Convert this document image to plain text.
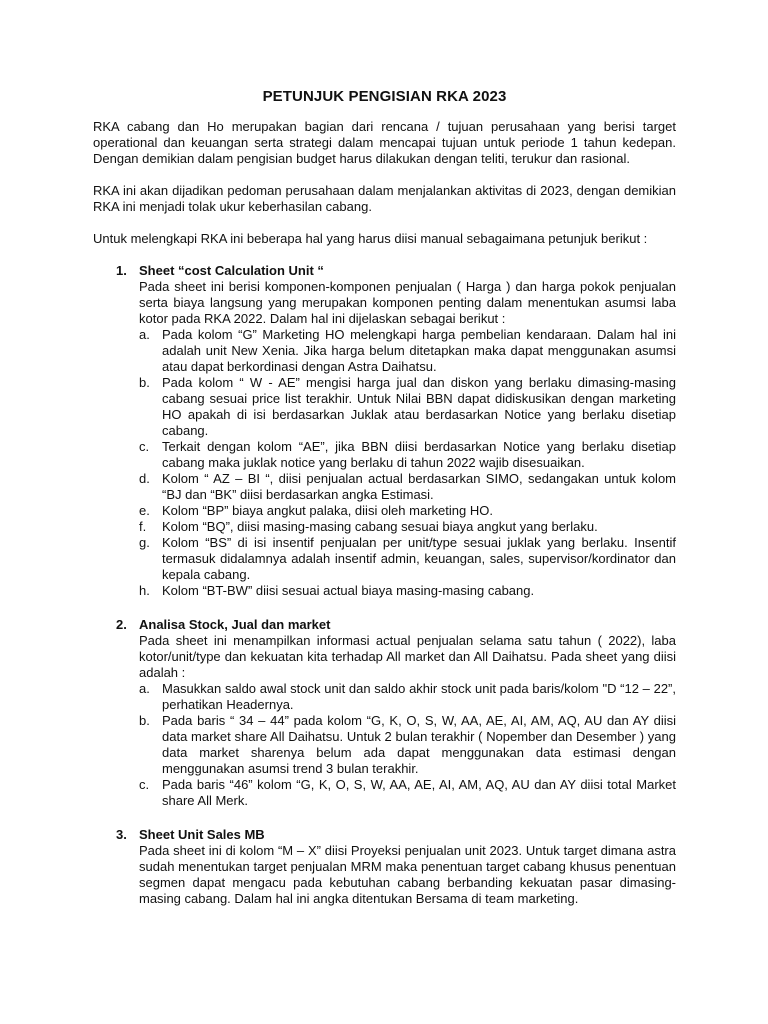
PETUNJUK PENGISIAN RKA 2023

RKA cabang dan Ho merupakan bagian dari rencana / tujuan perusahaan yang berisi target operational dan keuangan serta strategi dalam mencapai tujuan untuk periode 1 tahun kedepan. Dengan demikian dalam pengisian budget harus dilakukan dengan teliti, terukur dan rasional.

RKA ini akan dijadikan pedoman perusahaan dalam menjalankan aktivitas di 2023, dengan demikian RKA ini menjadi tolak ukur keberhasilan cabang.

Untuk melengkapi RKA ini beberapa hal yang harus diisi manual sebagaimana petunjuk berikut :

1. Sheet “cost Calculation Unit “

Pada sheet ini berisi komponen-komponen penjualan ( Harga ) dan harga pokok penjualan serta biaya langsung yang merupakan komponen penting dalam menentukan asumsi laba kotor pada RKA 2022. Dalam hal ini dijelaskan sebagai berikut :

a. Pada kolom “G” Marketing HO melengkapi harga pembelian kendaraan. Dalam hal ini adalah unit New Xenia. Jika harga belum ditetapkan maka dapat menggunakan asumsi atau dapat berkordinasi dengan Astra Daihatsu.
b. Pada kolom “ W - AE” mengisi harga jual dan diskon yang berlaku dimasing-masing cabang sesuai price list terakhir. Untuk Nilai BBN dapat didiskusikan dengan marketing HO apakah di isi berdasarkan Juklak atau berdasarkan Notice yang berlaku disetiap cabang.
c. Terkait dengan kolom “AE”, jika BBN diisi berdasarkan Notice yang berlaku disetiap cabang maka juklak notice yang berlaku di tahun 2022 wajib disesuaikan.
d. Kolom “ AZ – BI “, diisi penjualan actual berdasarkan SIMO, sedangakan untuk kolom “BJ dan “BK” diisi berdasarkan angka Estimasi.
e. Kolom “BP” biaya angkut palaka, diisi oleh marketing HO.
f. Kolom “BQ”, diisi masing-masing cabang sesuai biaya angkut yang berlaku.
g. Kolom “BS” di isi insentif penjualan per unit/type sesuai juklak yang berlaku. Insentif termasuk didalamnya adalah insentif admin, keuangan, sales, supervisor/kordinator dan kepala cabang.
h. Kolom “BT-BW” diisi sesuai actual biaya masing-masing cabang.
2. Analisa Stock, Jual dan market

Pada sheet ini menampilkan informasi actual penjualan selama satu tahun ( 2022), laba kotor/unit/type dan kekuatan kita terhadap All market dan All Daihatsu. Pada sheet yang diisi adalah :

a. Masukkan saldo awal stock unit dan saldo akhir stock unit pada baris/kolom "D “12 – 22”, perhatikan Headernya.
b. Pada baris “ 34 – 44” pada kolom “G, K, O, S, W, AA, AE, AI, AM, AQ, AU dan AY diisi data market share All Daihatsu. Untuk 2 bulan terakhir ( Nopember dan Desember ) yang data market sharenya belum ada dapat menggunakan data estimasi dengan menggunakan asumsi trend 3 bulan terakhir.
c. Pada baris “46” kolom “G, K, O, S, W, AA, AE, AI, AM, AQ, AU dan AY diisi total Market share All Merk.
3. Sheet Unit Sales MB

Pada sheet ini di kolom “M – X” diisi Proyeksi penjualan unit 2023. Untuk target dimana astra sudah menentukan target penjualan MRM maka penentuan target cabang khusus penentuan segmen dapat mengacu pada kebutuhan cabang berbanding kekuatan pasar dimasing-masing cabang. Dalam hal ini angka ditentukan Bersama di team marketing.
